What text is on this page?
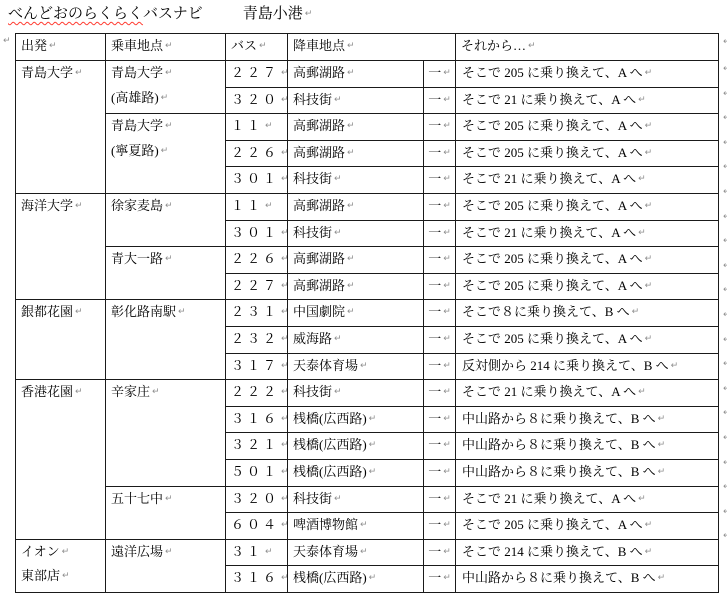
べんどおのらくらくバスナビ	青島小港 ↵
↵
出発 ↵	乗車地点 ↵	バス ↵	降車地点 ↵		それから… ↵

青島大学 ↵	青島大学 ↵
(高雄路) ↵	２２７ ↵	高郵湖路 ↵	一 ↵	そこで 205 に乗り換えて、A へ ↵

		３２０ ↵	科技街 ↵	一 ↵	そこで 21 に乗り換えて、A へ ↵

	青島大学 ↵
(寧夏路) ↵	１１ ↵	高郵湖路 ↵	一 ↵	そこで 205 に乗り換えて、A へ ↵

		２２６ ↵	高郵湖路 ↵	一 ↵	そこで 205 に乗り換えて、A へ ↵

		３０１ ↵	科技街 ↵	一 ↵	そこで 21 に乗り換えて、A へ ↵

海洋大学 ↵	徐家麦島 ↵	１１ ↵	高郵湖路 ↵	一 ↵	そこで 205 に乗り換えて、A へ ↵

		３０１ ↵	科技街 ↵	一 ↵	そこで 21 に乗り換えて、A へ ↵

	青大一路 ↵	２２６ ↵	高郵湖路 ↵	一 ↵	そこで 205 に乗り換えて、A へ ↵

		２２７ ↵	高郵湖路 ↵	一 ↵	そこで 205 に乗り換えて、A へ ↵

銀都花園 ↵	彰化路南駅 ↵	２３１ ↵	中国劇院 ↵	一 ↵	そこで８に乗り換えて、B へ ↵

		２３２ ↵	威海路 ↵	一 ↵	そこで 205 に乗り換えて、A へ ↵

		３１７ ↵	天泰体育場 ↵	一 ↵	反対側から 214 に乗り換えて、B へ ↵

香港花園 ↵	辛家庄 ↵	２２２ ↵	科技街 ↵	一 ↵	そこで 21 に乗り換えて、A へ ↵

		３１６ ↵	桟橋(広西路) ↵	一 ↵	中山路から８に乗り換えて、B へ ↵

		３２１ ↵	桟橋(広西路) ↵	一 ↵	中山路から８に乗り換えて、B へ ↵

		５０１ ↵	桟橋(広西路) ↵	一 ↵	中山路から８に乗り換えて、B へ ↵

	五十七中 ↵	３２０ ↵	科技街 ↵	一 ↵	そこで 21 に乗り換えて、A へ ↵

		６０４ ↵	啤酒博物館 ↵	一 ↵	そこで 205 に乗り換えて、A へ ↵

イオン ↵
東部店 ↵	遠洋広場 ↵	３１ ↵	天泰体育場 ↵	一 ↵	そこで 214 に乗り換えて、B へ ↵

		３１６ ↵	桟橋(広西路) ↵	一 ↵	中山路から８に乗り換えて、B へ ↵
↵
↵
↵
↵
↵
↵
↵
↵
↵
↵
↵
↵
↵
↵
↵
↵
↵
↵
↵
↵
↵
